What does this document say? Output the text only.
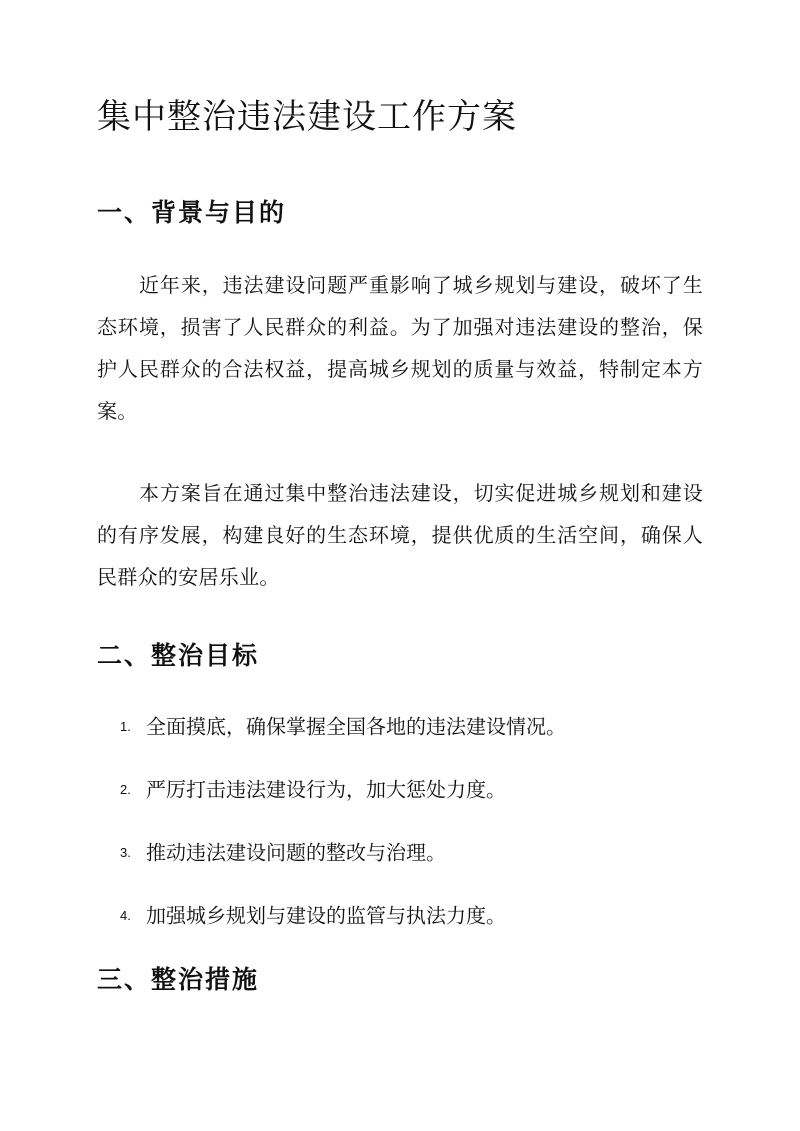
集中整治违法建设工作方案
一、背景与目的

近年来，违法建设问题严重影响了城乡规划与建设，破坏了生态环境，损害了人民群众的利益。为了加强对违法建设的整治，保护人民群众的合法权益，提高城乡规划的质量与效益，特制定本方案。

本方案旨在通过集中整治违法建设，切实促进城乡规划和建设的有序发展，构建良好的生态环境，提供优质的生活空间，确保人民群众的安居乐业。

二、整治目标
1. 全面摸底，确保掌握全国各地的违法建设情况。
2. 严厉打击违法建设行为，加大惩处力度。
3. 推动违法建设问题的整改与治理。
4. 加强城乡规划与建设的监管与执法力度。
三、整治措施
